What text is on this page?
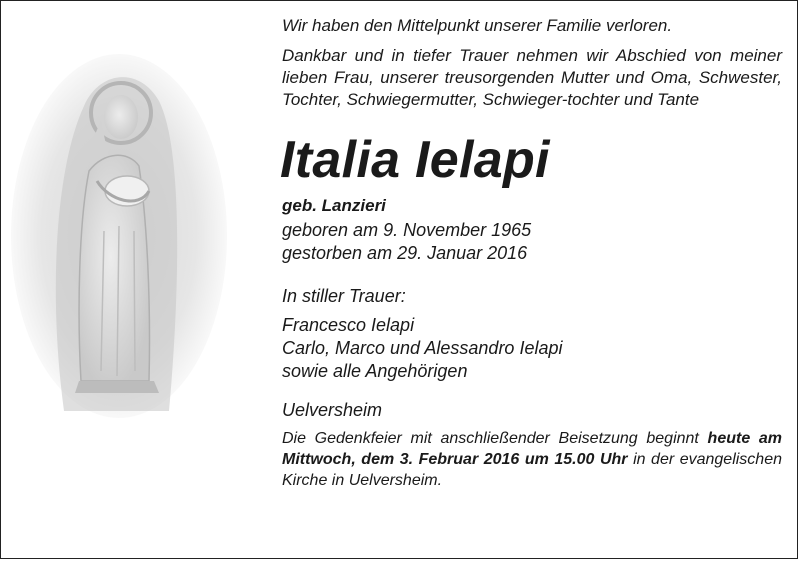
Wir haben den Mittelpunkt unserer Familie verloren.

Dankbar und in tiefer Trauer nehmen wir Abschied von meiner lieben Frau, unserer treusorgenden Mutter und Oma, Schwester, Tochter, Schwiegermutter, Schwieger-tochter und Tante

Italia Ielapi
geb. Lanzieri
geboren am 9. November 1965
gestorben am 29. Januar 2016
In stiller Trauer:
Francesco Ielapi
Carlo, Marco und Alessandro Ielapi
sowie alle Angehörigen
Uelversheim

Die Gedenkfeier mit anschließender Beisetzung beginnt heute am Mittwoch, dem 3. Februar 2016 um 15.00 Uhr in der evangelischen Kirche in Uelversheim.
